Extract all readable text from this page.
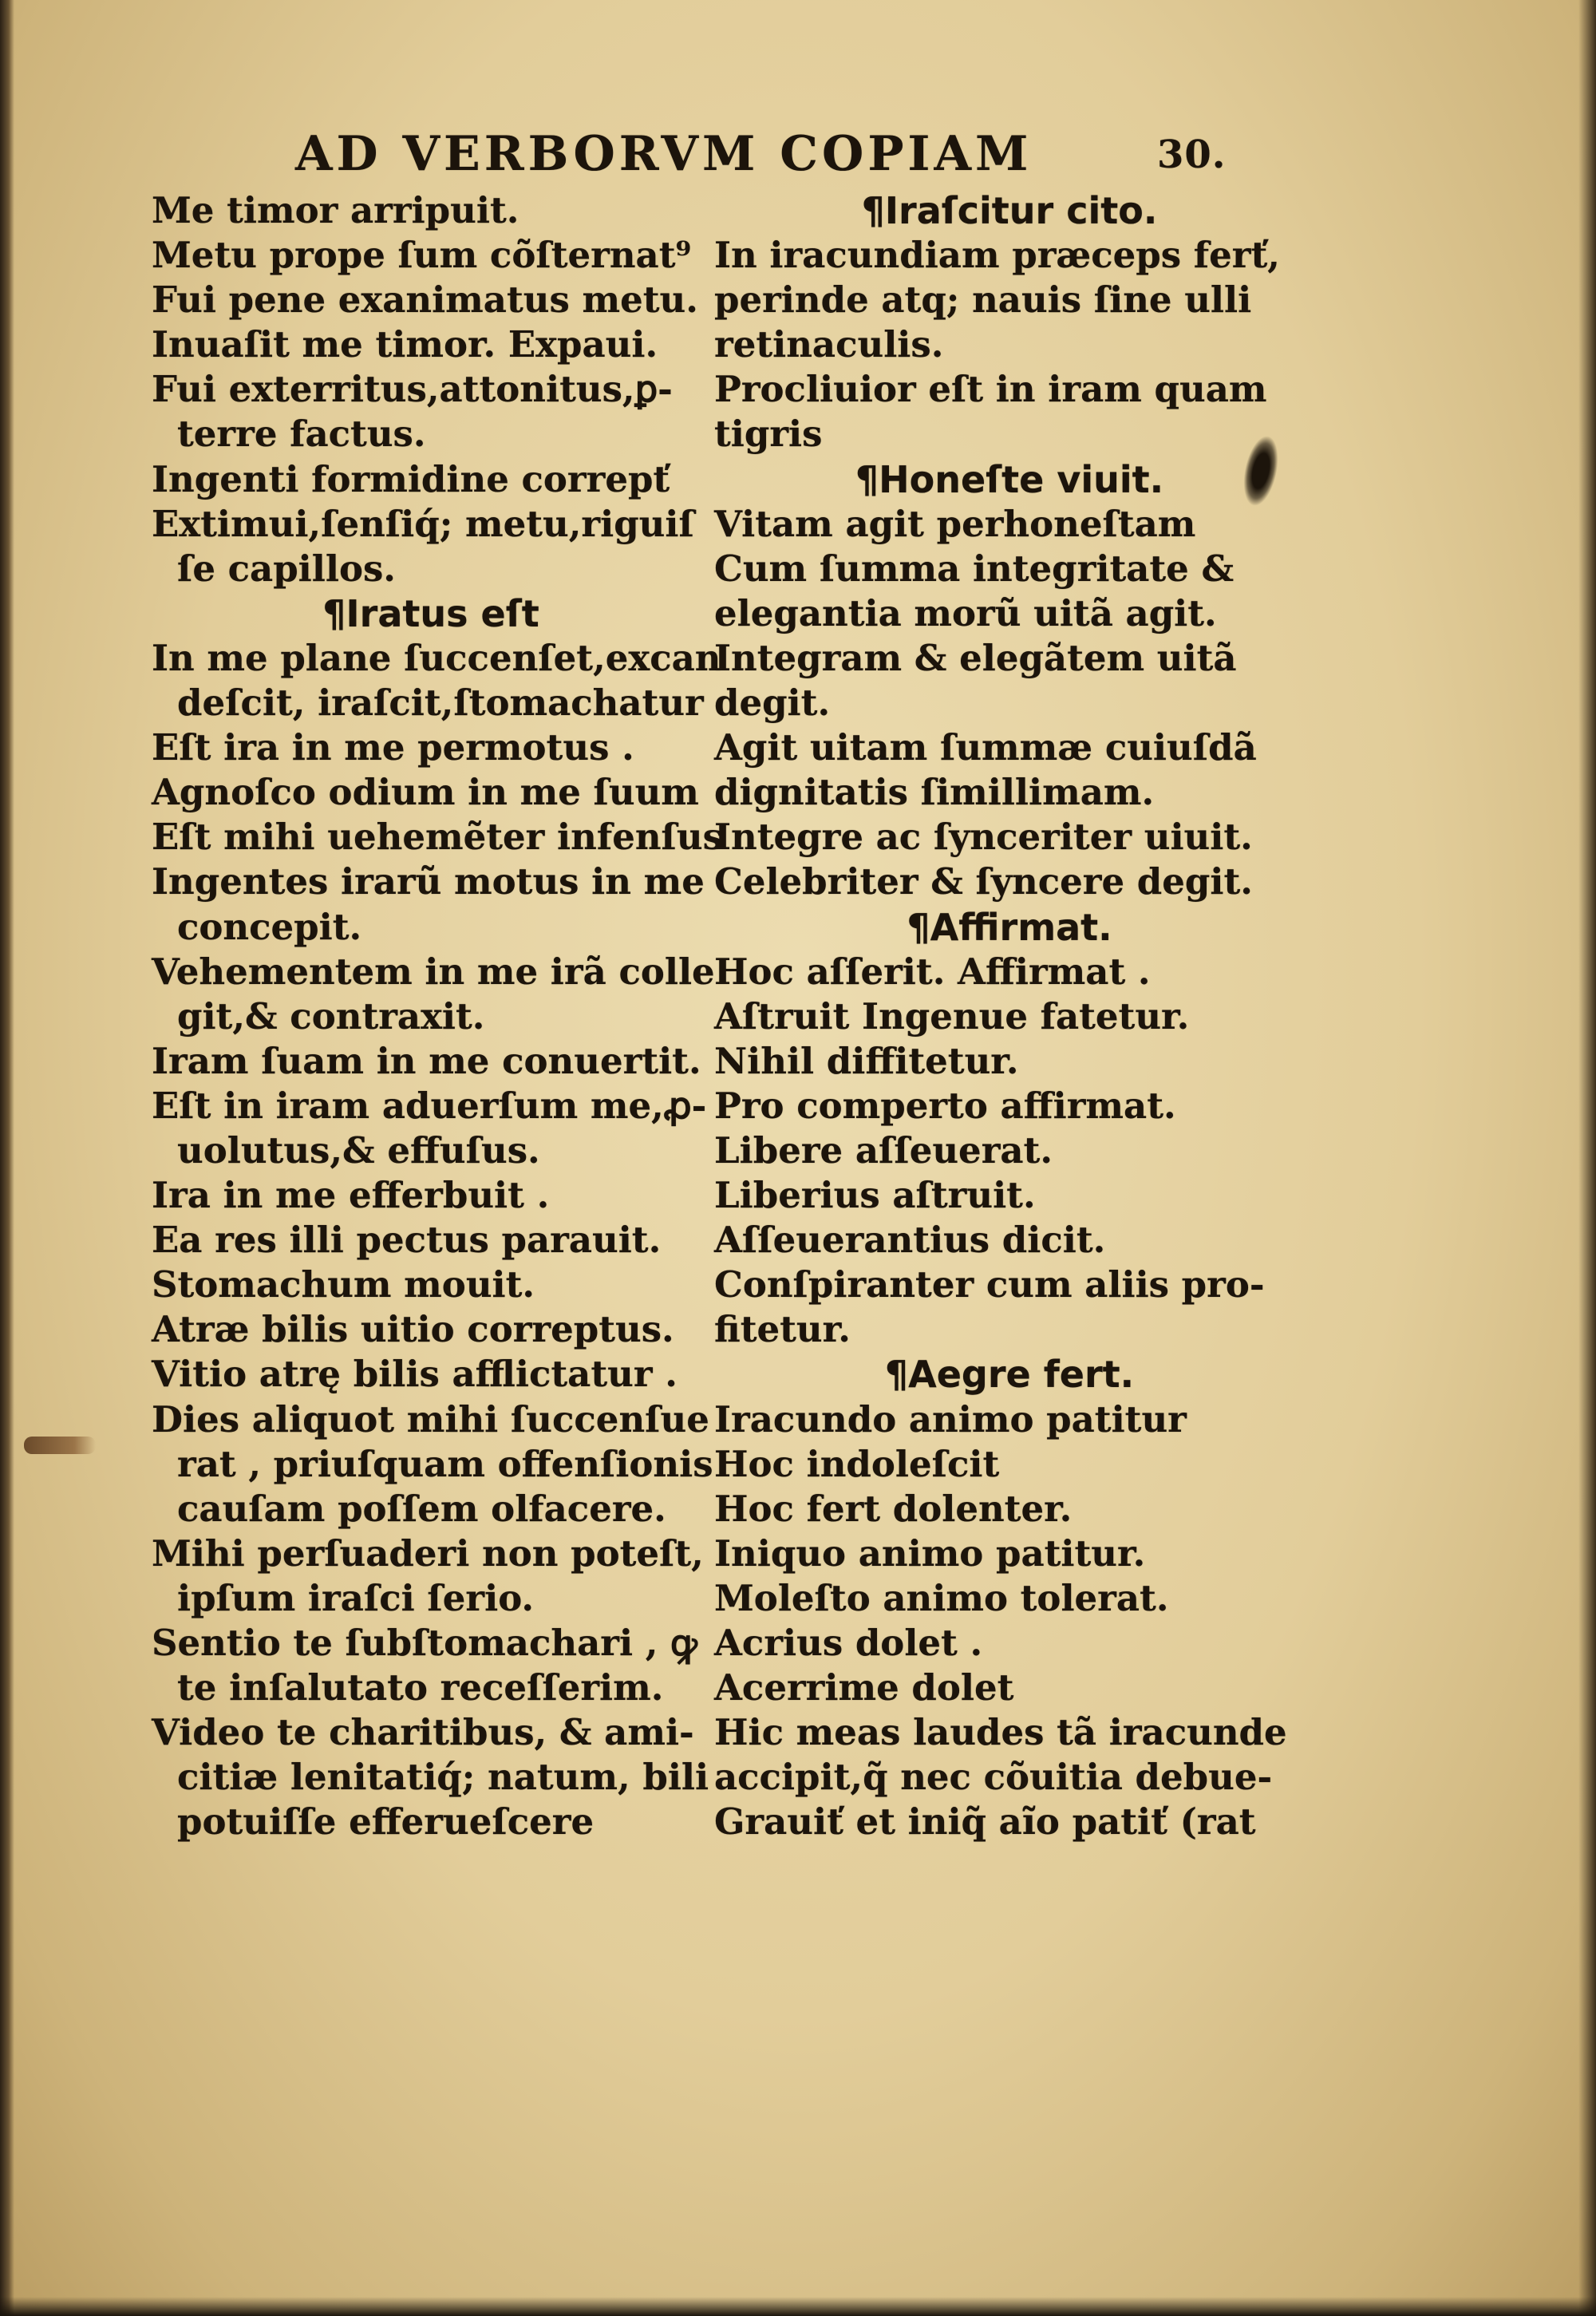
AD VERBORVM COPIAM	30.
Me timor arripuit.
Metu prope ſum cõſternat⁹
Fui pene exanimatus metu.
Inuaſit me timor. Expaui.
Fui exterritus,attonitus,ꝑ-
terre factus.
Ingenti formidine correpť
Extimui,ſenſiq́; metu,riguiſ
ſe capillos.
¶Iratus eſt
In me plane ſuccenſet,excan
deſcit, iraſcit,ſtomachatur
Eſt ira in me permotus .
Agnoſco odium in me ſuum
Eſt mihi uehemẽter infenſus
Ingentes irarũ motus in me
concepit.
Vehementem in me irã colle
git,& contraxit.
Iram ſuam in me conuertit.
Eſt in iram aduerſum me,ꝓ-
uolutus,& effuſus.
Ira in me efferbuit .
Ea res illi pectus parauit.
Stomachum mouit.
Atræ bilis uitio correptus.
Vitio atrę bilis afflictatur .
Dies aliquot mihi ſuccenſue
rat , priuſquam offenſionis
cauſam poſſem olfacere.
Mihi perſuaderi non poteſt,
ipſum iraſci ſerio.
Sentio te ſubſtomachari , ꝙ
te inſalutato receſſerim.
Video te charitibus, & ami-
citiæ lenitatiq́; natum, bili
potuiſſe efferueſcere
¶Iraſcitur cito.
In iracundiam præceps ferť,
perinde atq; nauis ſine ulli
retinaculis.
Procliuior eſt in iram quam
tigris
¶Honeſte viuit.
Vitam agit perhoneſtam
Cum ſumma integritate &
elegantia morũ uitã agit.
Integram & elegãtem uitã
degit.
Agit uitam ſummæ cuiuſdã
dignitatis ſimillimam.
Integre ac ſynceriter uiuit.
Celebriter & ſyncere degit.
¶Affirmat.
Hoc aſſerit. Affirmat .
Aſtruit Ingenue fatetur.
Nihil diffitetur.
Pro comperto affirmat.
Libere aſſeuerat.
Liberius aſtruit.
Aſſeuerantius dicit.
Conſpiranter cum aliis pro-
fitetur.
¶Aegre fert.
Iracundo animo patitur
Hoc indoleſcit
Hoc fert dolenter.
Iniquo animo patitur.
Moleſto animo tolerat.
Acrius dolet .
Acerrime dolet
Hic meas laudes tã iracunde
accipit,q̃ nec cõuitia debue-
Grauiť et iniq̃ aĩo patiť (rat
